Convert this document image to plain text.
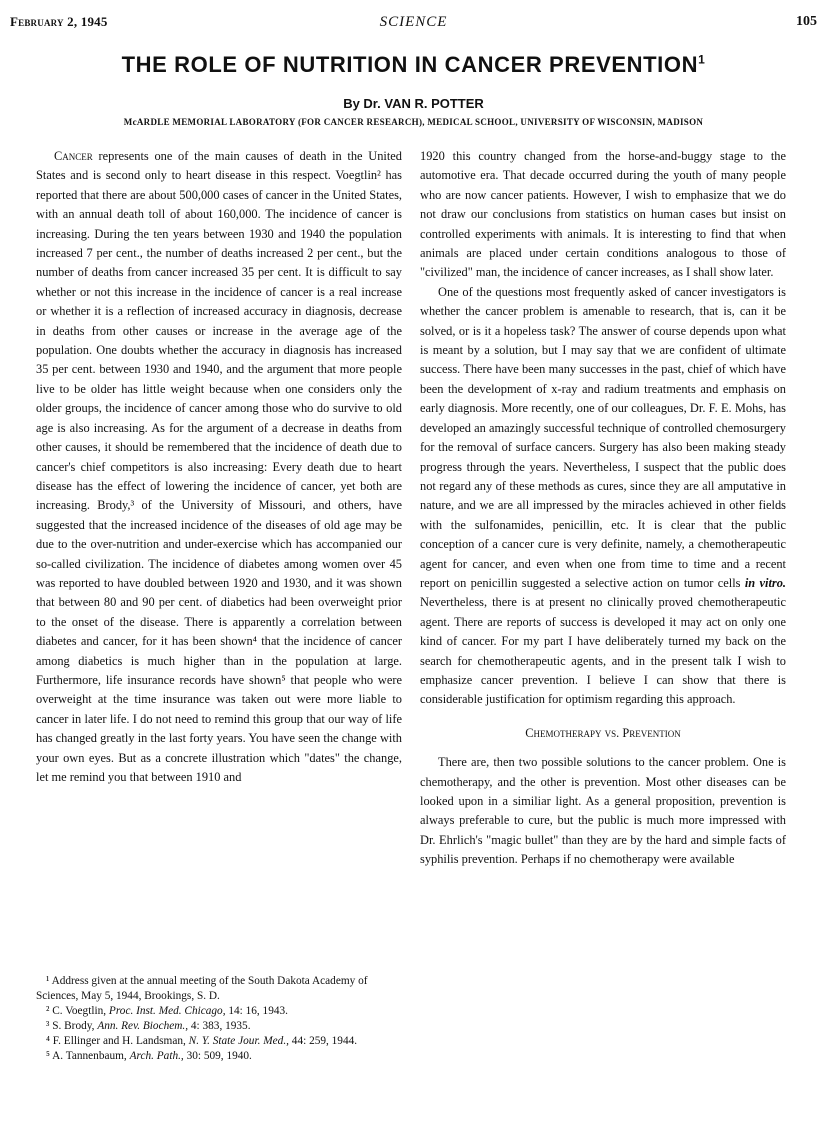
February 2, 1945	SCIENCE	105
THE ROLE OF NUTRITION IN CANCER PREVENTION$^1$
By Dr. VAN R. POTTER
McARDLE MEMORIAL LABORATORY (FOR CANCER RESEARCH), MEDICAL SCHOOL, UNIVERSITY OF WISCONSIN, MADISON

Cancer represents one of the main causes of death in the United States and is second only to heart disease in this respect. Voegtlin² has reported that there are about 500,000 cases of cancer in the United States, with an annual death toll of about 160,000. The incidence of cancer is increasing. During the ten years between 1930 and 1940 the population increased 7 per cent., the number of deaths increased 2 per cent., but the number of deaths from cancer increased 35 per cent. It is difficult to say whether or not this increase in the incidence of cancer is a real increase or whether it is a reflection of increased accuracy in diagnosis, decrease in deaths from other causes or increase in the average age of the population. One doubts whether the accuracy in diagnosis has increased 35 per cent. between 1930 and 1940, and the argument that more people live to be older has little weight because when one considers only the older groups, the incidence of cancer among those who do survive to old age is also increasing. As for the argument of a decrease in deaths from other causes, it should be remembered that the incidence of death due to cancer's chief competitors is also increasing: Every death due to heart disease has the effect of lowering the incidence of cancer, yet both are increasing. Brody,³ of the University of Missouri, and others, have suggested that the increased incidence of the diseases of old age may be due to the over-nutrition and under-exercise which has accompanied our so-called civilization. The incidence of diabetes among women over 45 was reported to have doubled between 1920 and 1930, and it was shown that between 80 and 90 per cent. of diabetics had been overweight prior to the onset of the disease. There is apparently a correlation between diabetes and cancer, for it has been shown⁴ that the incidence of cancer among diabetics is much higher than in the population at large. Furthermore, life insurance records have shown⁵ that people who were overweight at the time insurance was taken out were more liable to cancer in later life. I do not need to remind this group that our way of life has changed greatly in the last forty years. You have seen the change with your own eyes. But as a concrete illustration which "dates" the change, let me remind you that between 1910 and

1920 this country changed from the horse-and-buggy stage to the automotive era. That decade occurred during the youth of many people who are now cancer patients. However, I wish to emphasize that we do not draw our conclusions from statistics on human cases but insist on controlled experiments with animals. It is interesting to find that when animals are placed under certain conditions analogous to those of "civilized" man, the incidence of cancer increases, as I shall show later.

One of the questions most frequently asked of cancer investigators is whether the cancer problem is amenable to research, that is, can it be solved, or is it a hopeless task? The answer of course depends upon what is meant by a solution, but I may say that we are confident of ultimate success. There have been many successes in the past, chief of which have been the development of x-ray and radium treatments and emphasis on early diagnosis. More recently, one of our colleagues, Dr. F. E. Mohs, has developed an amazingly successful technique of controlled chemosurgery for the removal of surface cancers. Surgery has also been making steady progress through the years. Nevertheless, I suspect that the public does not regard any of these methods as cures, since they are all amputative in nature, and we are all impressed by the miracles achieved in other fields with the sulfonamides, penicillin, etc. It is clear that the public conception of a cancer cure is very definite, namely, a chemotherapeutic agent for cancer, and even when one from time to time and a recent report on penicillin suggested a selective action on tumor cells in vitro. Nevertheless, there is at present no clinically proved chemotherapeutic agent. There are reports of success is developed it may act on only one kind of cancer. For my part I have deliberately turned my back on the search for chemotherapeutic agents, and in the present talk I wish to emphasize cancer prevention. I believe I can show that there is considerable justification for optimism regarding this approach.

Chemotherapy vs. Prevention

There are, then two possible solutions to the cancer problem. One is chemotherapy, and the other is prevention. Most other diseases can be looked upon in a similiar light. As a general proposition, prevention is always preferable to cure, but the public is much more impressed with Dr. Ehrlich's "magic bullet" than they are by the hard and simple facts of syphilis prevention. Perhaps if no chemotherapy were available

¹ Address given at the annual meeting of the South Dakota Academy of Sciences, May 5, 1944, Brookings, S. D.
² C. Voegtlin, Proc. Inst. Med. Chicago, 14: 16, 1943.
³ S. Brody, Ann. Rev. Biochem., 4: 383, 1935.
⁴ F. Ellinger and H. Landsman, N. Y. State Jour. Med., 44: 259, 1944.
⁵ A. Tannenbaum, Arch. Path., 30: 509, 1940.
